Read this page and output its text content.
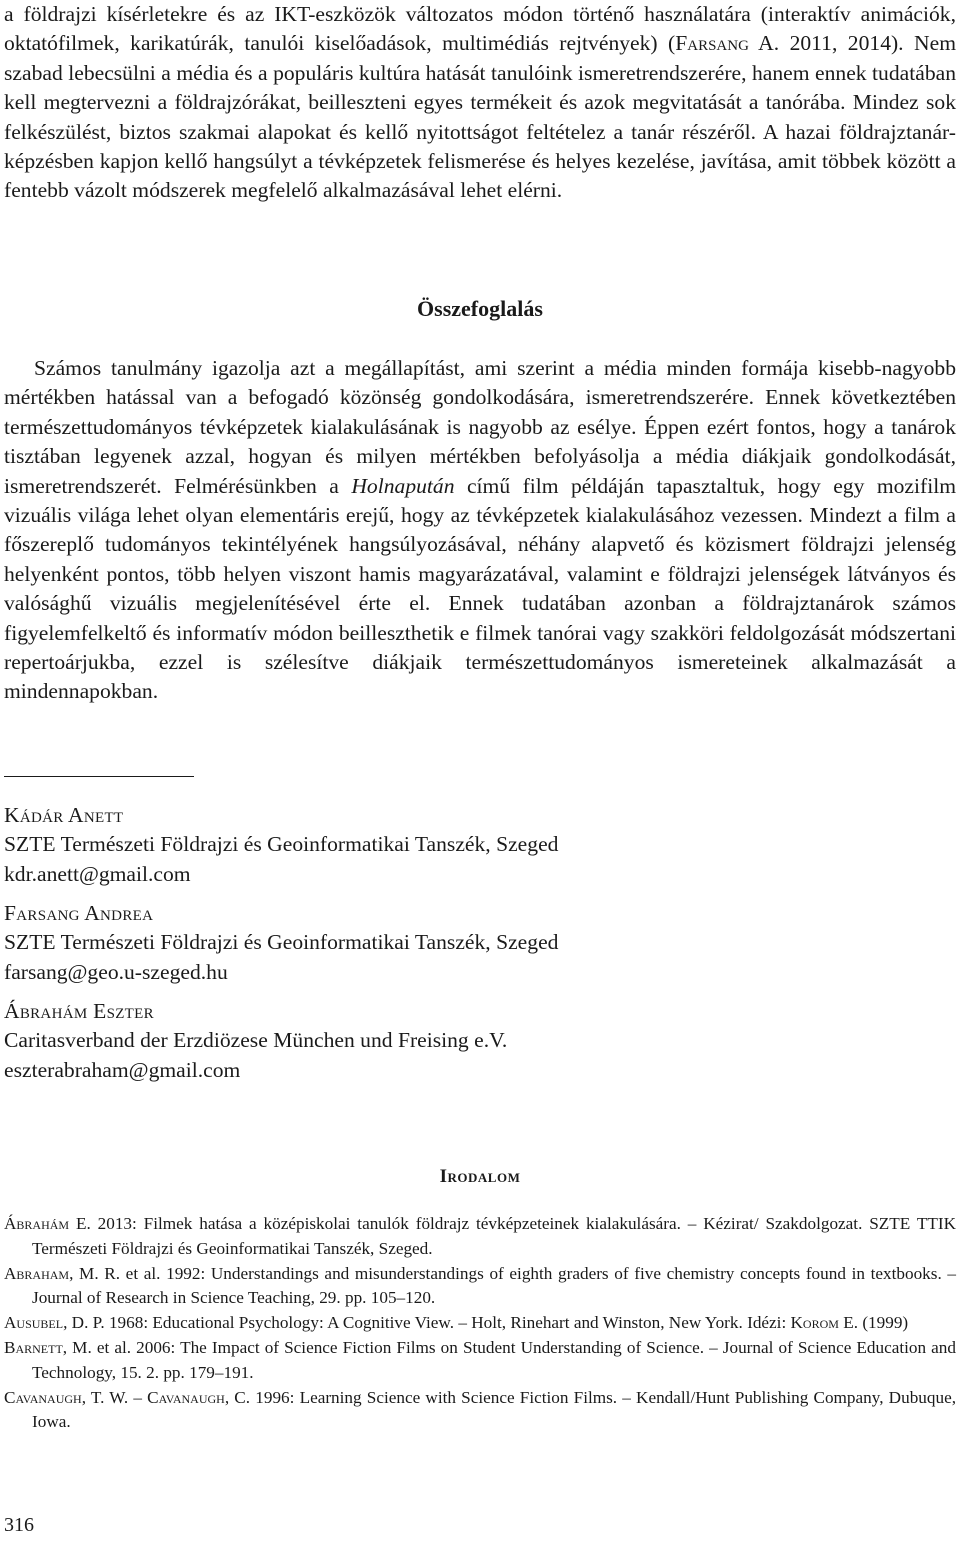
a földrajzi kísérletekre és az IKT-eszközök változatos módon történő használatára (interaktív animációk, oktatófilmek, karikatúrák, tanulói kiselőadások, multimédiás rejtvények) (Farsang A. 2011, 2014). Nem szabad lebecsülni a média és a populáris kultúra hatását tanulóink ismeretrendszerére, hanem ennek tudatában kell megtervezni a földrajzórákat, beilleszteni egyes termékeit és azok megvitatását a tanórába. Mindez sok felkészülést, biztos szakmai alapokat és kellő nyitottságot feltételez a tanár részéről. A hazai földrajztanár-képzésben kapjon kellő hangsúlyt a tévképzetek felismerése és helyes kezelése, javítása, amit többek között a fentebb vázolt módszerek megfelelő alkalmazásával lehet elérni.

Összefoglalás

Számos tanulmány igazolja azt a megállapítást, ami szerint a média minden formája kisebb-nagyobb mértékben hatással van a befogadó közönség gondolkodására, ismeretrendszerére. Ennek következtében természettudományos tévképzetek kialakulásának is nagyobb az esélye. Éppen ezért fontos, hogy a tanárok tisztában legyenek azzal, hogyan és milyen mértékben befolyásolja a média diákjaik gondolkodását, ismeretrendszerét. Felmérésünkben a Holnapután című film példáján tapasztaltuk, hogy egy mozifilm vizuális világa lehet olyan elementáris erejű, hogy az tévképzetek kialakulásához vezessen. Mindezt a film a főszereplő tudományos tekintélyének hangsúlyozásával, néhány alapvető és közismert földrajzi jelenség helyenként pontos, több helyen viszont hamis magyarázatával, valamint e földrajzi jelenségek látványos és valósághű vizuális megjelenítésével érte el. Ennek tudatában azonban a földrajztanárok számos figyelemfelkeltő és informatív módon beilleszthetik e filmek tanórai vagy szakköri feldolgozását módszertani repertoárjukba, ezzel is szélesítve diákjaik természettudományos ismereteinek alkalmazását a mindennapokban.

Kádár Anett
SZTE Természeti Földrajzi és Geoinformatikai Tanszék, Szeged
kdr.anett@gmail.com
Farsang Andrea
SZTE Természeti Földrajzi és Geoinformatikai Tanszék, Szeged
farsang@geo.u-szeged.hu
Ábrahám Eszter
Caritasverband der Erzdiözese München und Freising e.V.
eszterabraham@gmail.com
Irodalom

Ábrahám E. 2013: Filmek hatása a középiskolai tanulók földrajz tévképzeteinek kialakulására. – Kézirat/ Szakdolgozat. SZTE TTIK Természeti Földrajzi és Geoinformatikai Tanszék, Szeged.

Abraham, M. R. et al. 1992: Understandings and misunderstandings of eighth graders of five chemistry concepts found in textbooks. – Journal of Research in Science Teaching, 29. pp. 105–120.

Ausubel, D. P. 1968: Educational Psychology: A Cognitive View. – Holt, Rinehart and Winston, New York. Idézi: Korom E. (1999)

Barnett, M. et al. 2006: The Impact of Science Fiction Films on Student Understanding of Science. – Journal of Science Education and Technology, 15. 2. pp. 179–191.

Cavanaugh, T. W. – Cavanaugh, C. 1996: Learning Science with Science Fiction Films. – Kendall/Hunt Publishing Company, Dubuque, Iowa.

316
